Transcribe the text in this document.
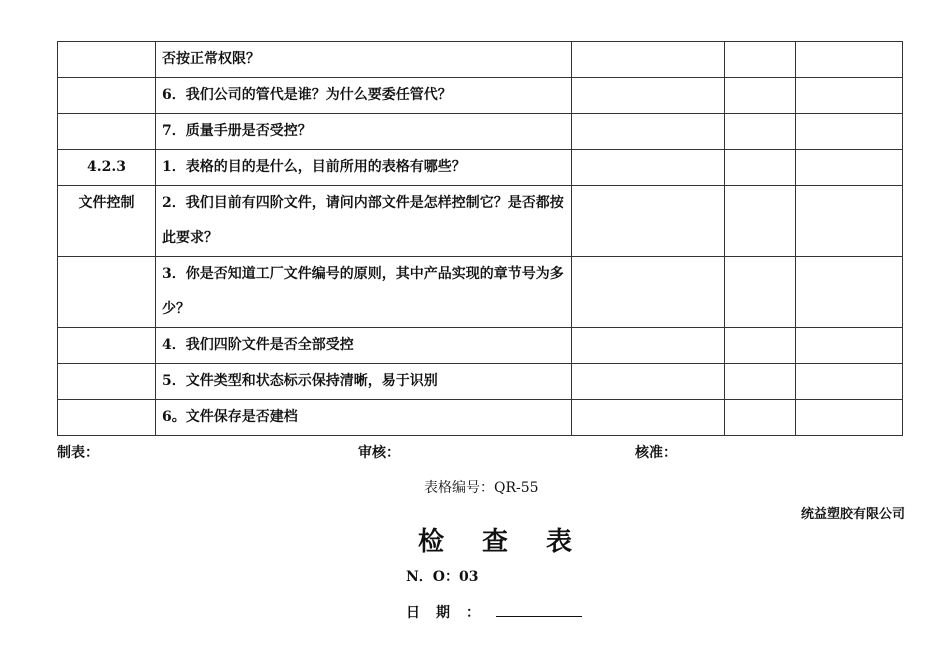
	否按正常权限？			
	6．我们公司的管代是谁？为什么要委任管代？			
	7．质量手册是否受控？			
4.2.3	1．表格的目的是什么，目前所用的表格有哪些？			
文件控制	2．我们目前有四阶文件，请问内部文件是怎样控制它？是否都按此要求？			
	3．你是否知道工厂文件编号的原则，其中产品实现的章节号为多少？			
	4．我们四阶文件是否全部受控			
	5．文件类型和状态标示保持清晰，易于识别			
	6。文件保存是否建档			
制表：	审核：	核准：
表格编号：QR-55
统益塑胶有限公司
检查表
N．O：03
日期：
